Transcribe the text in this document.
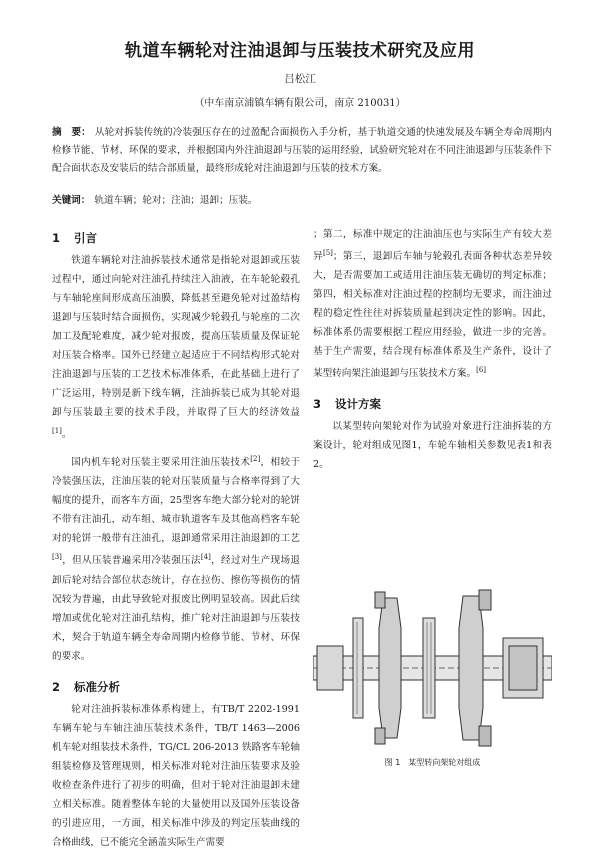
轨道车辆轮对注油退卸与压装技术研究及应用
吕松江
（中车南京浦镇车辆有限公司，南京 210031）
摘　要： 从轮对拆装传统的冷装强压存在的过盈配合面损伤入手分析，基于轨道交通的快速发展及车辆全寿命周期内检修节能、节材、环保的要求，并根据国内外注油退卸与压装的运用经验，试验研究轮对在不同注油退卸与压装条件下配合面状态及安装后的结合部质量，最终形成轮对注油退卸与压装的技术方案。
关键词： 轨道车辆；轮对；注油；退卸；压装。
1 引言

铁道车辆轮对注油拆装技术通常是指轮对退卸或压装过程中，通过向轮对注油孔持续注入油液，在车轮轮毂孔与车轴轮座间形成高压油膜，降低甚至避免轮对过盈结构退卸与压装时结合面损伤，实现减少轮毂孔与轮座的二次加工及配轮难度，减少轮对报废，提高压装质量及保证轮对压装合格率。国外已经建立起适应于不同结构形式轮对注油退卸与压装的工艺技术标准体系，在此基础上进行了广泛运用，特别是新下线车辆，注油拆装已成为其轮对退卸与压装最主要的技术手段，并取得了巨大的经济效益[1]。

国内机车轮对压装主要采用注油压装技术[2]，相较于冷装强压法，注油压装的轮对压装质量与合格率得到了大幅度的提升，而客车方面，25型客车绝大部分轮对的轮饼不带有注油孔，动车组、城市轨道客车及其他高档客车轮对的轮饼一般带有注油孔，退卸通常采用注油退卸的工艺[3]，但从压装普遍采用冷装强压法[4]，经过对生产现场退卸后轮对结合部位状态统计，存在拉伤、擦伤等损伤的情况较为普遍，由此导致轮对报废比例明显较高。因此后续增加或优化轮对注油孔结构，推广轮对注油退卸与压装技术，契合于轨道车辆全寿命周期内检修节能、节材、环保的要求。

2 标准分析

轮对注油拆装标准体系构建上，有TB/T 2202-1991 车辆车轮与车轴注油压装技术条件，TB/T 1463—2006 机车轮对组装技术条件，TG/CL 206-2013 铁路客车轮轴组装检修及管理规则，相关标准对轮对注油压装要求及验收检查条件进行了初步的明确，但对于轮对注油退卸未建立相关标准。随着整体车轮的大量使用以及国外压装设备的引进应用，一方面，相关标准中涉及的判定压装曲线的合格曲线，已不能完全涵盖实际生产需要

；第二，标准中规定的注油油压也与实际生产有较大差异[5]；第三，退卸后车轴与轮毂孔表面各种状态差异较大，是否需要加工或适用注油压装无确切的判定标准；第四，相关标准对注油过程的控制均无要求，而注油过程的稳定性往往对拆装质量起到决定性的影响。因此，标准体系仍需要根据工程应用经验，做进一步的完善。基于生产需要，结合现有标准体系及生产条件，设计了某型转向架注油退卸与压装技术方案。[6]

3 设计方案

以某型转向架轮对作为试验对象进行注油拆装的方案设计，轮对组成见图1，车轮车轴相关参数见表1和表2。

图 1　某型转向架轮对组成
